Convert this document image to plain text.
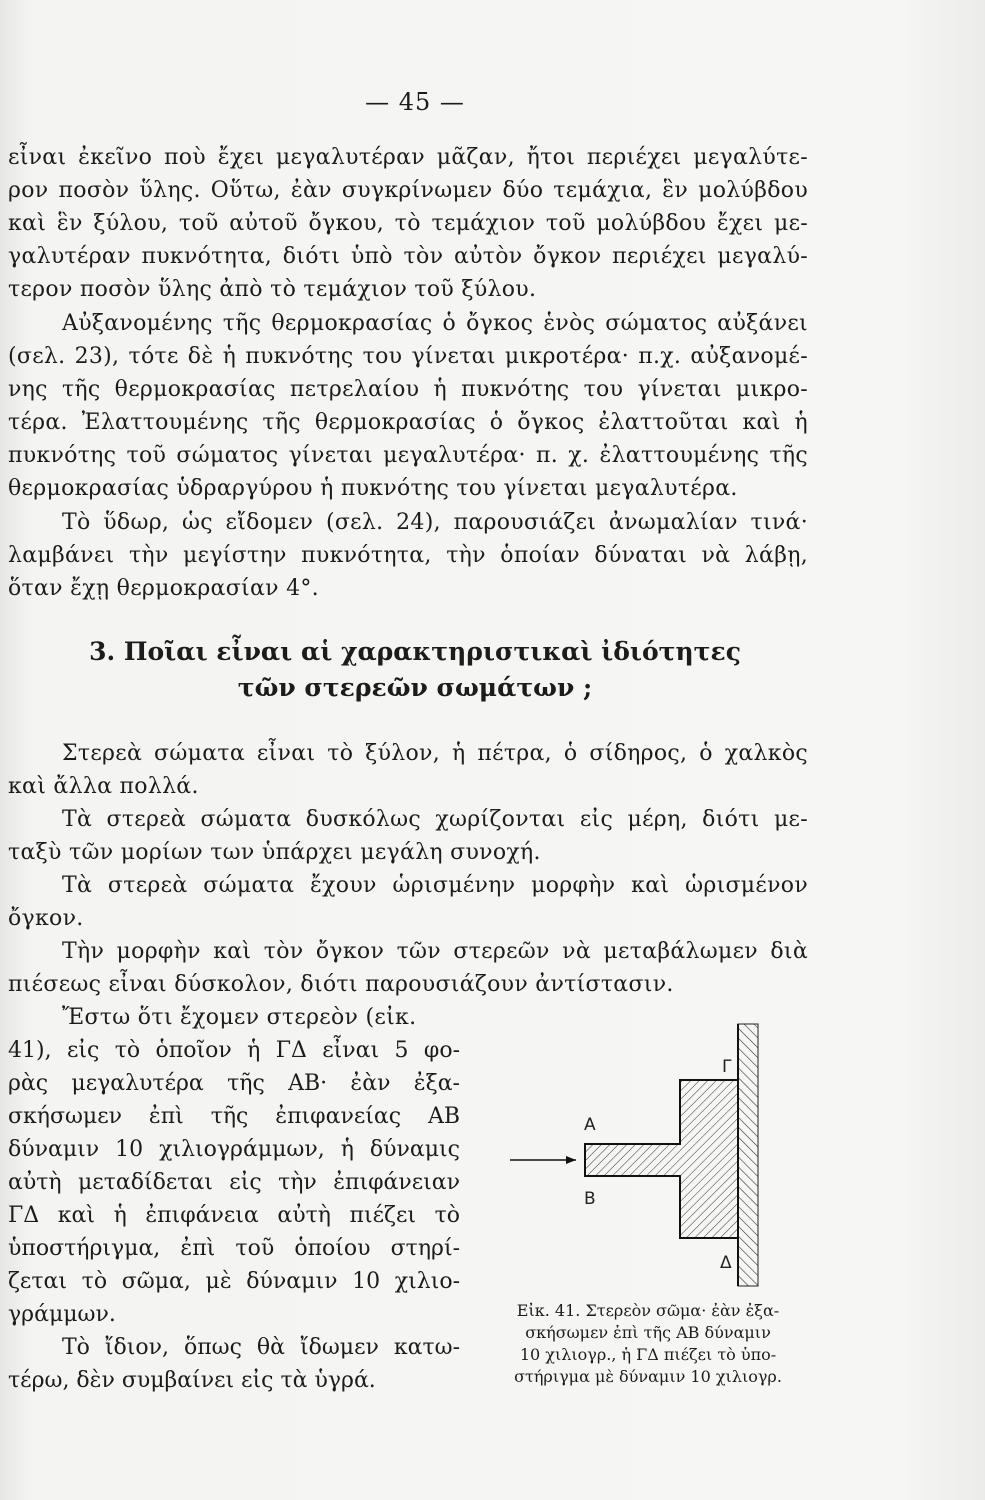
— 45 —
εἶναι ἐκεῖνο ποὺ ἔχει μεγαλυτέραν μᾶζαν, ἤτοι περιέχει μεγαλύτε-
ρον ποσὸν ὕλης. Οὕτω, ἐὰν συγκρίνωμεν δύο τεμάχια, ἓν μολύβδου
καὶ ἓν ξύλου, τοῦ αὐτοῦ ὄγκου, τὸ τεμάχιον τοῦ μολύβδου ἔχει με-
γαλυτέραν πυκνότητα, διότι ὑπὸ τὸν αὐτὸν ὄγκον περιέχει μεγαλύ-
τερον ποσὸν ὕλης ἀπὸ τὸ τεμάχιον τοῦ ξύλου.
Αὐξανομένης τῆς θερμοκρασίας ὁ ὄγκος ἑνὸς σώματος αὐξάνει
(σελ. 23), τότε δὲ ἡ πυκνότης του γίνεται μικροτέρα· π.χ. αὐξανομέ-
νης τῆς θερμοκρασίας πετρελαίου ἡ πυκνότης του γίνεται μικρο-
τέρα. Ἐλαττουμένης τῆς θερμοκρασίας ὁ ὄγκος ἐλαττοῦται καὶ ἡ
πυκνότης τοῦ σώματος γίνεται μεγαλυτέρα· π. χ. ἐλαττουμένης τῆς
θερμοκρασίας ὑδραργύρου ἡ πυκνότης του γίνεται μεγαλυτέρα.
Τὸ ὕδωρ, ὡς εἴδομεν (σελ. 24), παρουσιάζει ἀνωμαλίαν τινά·
λαμβάνει τὴν μεγίστην πυκνότητα, τὴν ὁποίαν δύναται νὰ λάβῃ,
ὅταν ἔχῃ θερμοκρασίαν 4°.
3. Ποῖαι εἶναι αἱ χαρακτηριστικαὶ ἰδιότητες
τῶν στερεῶν σωμάτων ;
Στερεὰ σώματα εἶναι τὸ ξύλον, ἡ πέτρα, ὁ σίδηρος, ὁ χαλκὸς
καὶ ἄλλα πολλά.
Τὰ στερεὰ σώματα δυσκόλως χωρίζονται εἰς μέρη, διότι με-
ταξὺ τῶν μορίων των ὑπάρχει μεγάλη συνοχή.
Τὰ στερεὰ σώματα ἔχουν ὡρισμένην μορφὴν καὶ ὡρισμένον
ὄγκον.
Τὴν μορφὴν καὶ τὸν ὄγκον τῶν στερεῶν νὰ μεταβάλωμεν διὰ
πιέσεως εἶναι δύσκολον, διότι παρουσιάζουν ἀντίστασιν.
Ἔστω ὅτι ἔχομεν στερεὸν (εἰκ.
41), εἰς τὸ ὁποῖον ἡ ΓΔ εἶναι 5 φο-
ρὰς μεγαλυτέρα τῆς ΑΒ· ἐὰν ἐξα-
σκήσωμεν ἐπὶ τῆς ἐπιφανείας ΑΒ
δύναμιν 10 χιλιογράμμων, ἡ δύναμις
αὐτὴ μεταδίδεται εἰς τὴν ἐπιφάνειαν
ΓΔ καὶ ἡ ἐπιφάνεια αὐτὴ πιέζει τὸ
ὑποστήριγμα, ἐπὶ τοῦ ὁποίου στηρί-
ζεται τὸ σῶμα, μὲ δύναμιν 10 χιλιο-
γράμμων.
Τὸ ἴδιον, ὅπως θὰ ἴδωμεν κατω-
τέρω, δὲν συμβαίνει εἰς τὰ ὑγρά.
Γ
Α
Β
Δ
Εἰκ. 41. Στερεὸν σῶμα· ἐὰν ἐξα-
σκήσωμεν ἐπὶ τῆς ΑΒ δύναμιν
10 χιλιογρ., ἡ ΓΔ πιέζει τὸ ὑπο-
στήριγμα μὲ δύναμιν 10 χιλιογρ.
